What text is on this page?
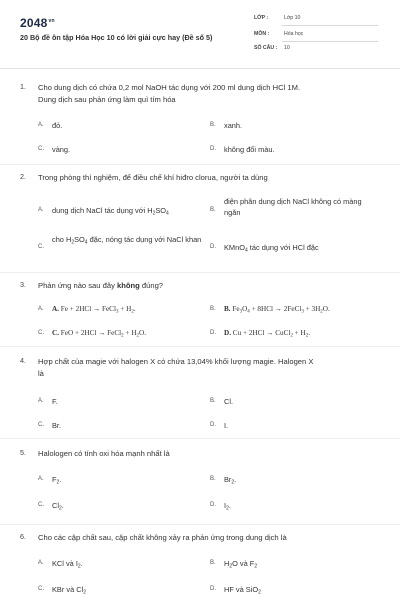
$2048^{vn}$
20 Bộ đề ôn tập Hóa Học 10 có lời giải cực hay (Đề số 5)
LỚP :	Lớp 10
MÔN :	Hóa học
SỐ CÂU : 10
1. Cho dung dịch có chứa 0,2 mol NaOH tác dụng với 200 ml dung dịch HCl 1M.
Dung dịch sau phản ứng làm quì tím hóa
A. đỏ.	B. xanh.
C. vàng.	D. không đổi màu.
2. Trong phòng thí nghiệm, để điều chế khí hiđro clorua, người ta dùng
A. dung dịch NaCl tác dụng với $H_2SO_4$
B.
điện phân dung dịch NaCl không có màng ngăn
C.
cho $H_2SO_4$ đặc, nóng tác dụng với NaCl khan
D. KMnO$_4$ tác dụng với HCl đặc
3. Phản ứng nào sau đây không đúng?
A. A. Fe + 2HCl → FeCl$_3$ + $H_2$.	B. B. $Fe_3O_4 + 8HCl$ → 2FeCl$_3$ + $3H_2O$.
C. C. FeO + 2HCl → FeCl$_2$ + $H_2O$.	D. D. Cu + 2HCl → CuCl$_2$ + $H_2$.
4. Hợp chất của magie với halogen X có chứa 13,04% khối lượng magie. Halogen X
là
A. F.	B. Cl.
C. Br.	D. I.
5. Halologen có tính oxi hóa mạnh nhất là
A. $F_2$.	B. $Br_2$.
C. $Cl_2$.	D. $I_2$.
6. Cho các cặp chất sau, cặp chất không xảy ra phản ứng trong dung dịch là
A. KCl và $I_2$.	B. $H_2O$ và $F_2$
C. KBr và $Cl_2$
D. HF và SiO$_2$
